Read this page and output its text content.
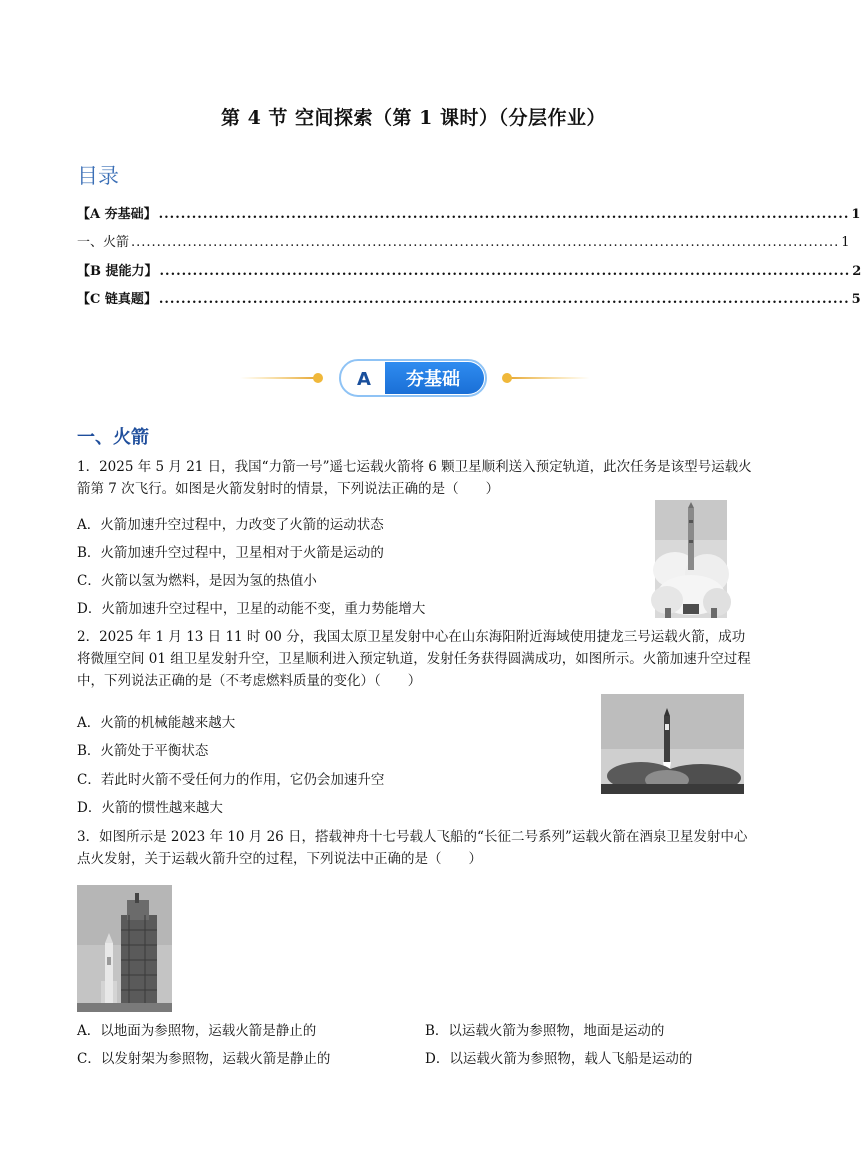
第 4 节 空间探索（第 1 课时）（分层作业）
目录
【A 夯基础】 ............................................................................................................................. 1
一、火箭 .......................................................................................................................................... 1
【B 提能力】 ............................................................................................................................. 2
【C 链真题】 ............................................................................................................................. 5
A 夯基础
一、火箭
1．2025 年 5 月 21 日，我国“力箭一号”遥七运载火箭将 6 颗卫星顺利送入预定轨道，此次任务是该型号运载火箭第 7 次飞行。如图是火箭发射时的情景，下列说法正确的是（　　）
A．火箭加速升空过程中，力改变了火箭的运动状态
B．火箭加速升空过程中，卫星相对于火箭是运动的
C．火箭以氢为燃料，是因为氢的热值小
D．火箭加速升空过程中，卫星的动能不变，重力势能增大
2．2025 年 1 月 13 日 11 时 00 分，我国太原卫星发射中心在山东海阳附近海域使用捷龙三号运载火箭，成功将微厘空间 01 组卫星发射升空，卫星顺利进入预定轨道，发射任务获得圆满成功，如图所示。火箭加速升空过程中，下列说法正确的是（不考虑燃料质量的变化）（　　）
A．火箭的机械能越来越大
B．火箭处于平衡状态
C．若此时火箭不受任何力的作用，它仍会加速升空
D．火箭的惯性越来越大
3．如图所示是 2023 年 10 月 26 日，搭载神舟十七号载人飞船的“长征二号系列”运载火箭在酒泉卫星发射中心点火发射，关于运载火箭升空的过程，下列说法中正确的是（　　）
A．以地面为参照物，运载火箭是静止的	B．以运载火箭为参照物，地面是运动的
C．以发射架为参照物，运载火箭是静止的	D．以运载火箭为参照物，载人飞船是运动的
